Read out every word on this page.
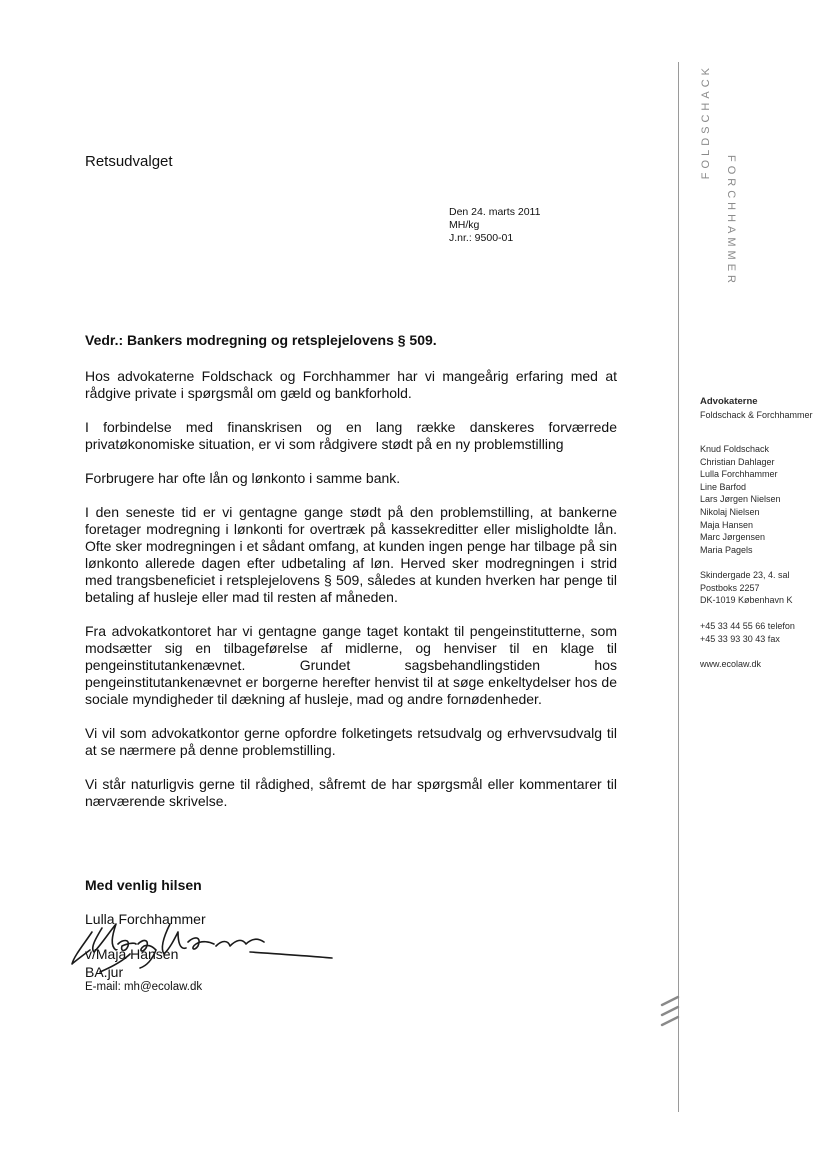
Retsudvalget
Den 24. marts 2011
MH/kg
J.nr.: 9500-01

Vedr.: Bankers modregning og retsplejelovens § 509.

Hos advokaterne Foldschack og Forchhammer har vi mangeårig erfaring med at rådgive private i spørgsmål om gæld og bankforhold.

I forbindelse med finanskrisen og en lang række danskeres forværrede privatøkonomiske situation, er vi som rådgivere stødt på en ny problemstilling

Forbrugere har ofte lån og lønkonto i samme bank.

I den seneste tid er vi gentagne gange stødt på den problemstilling, at bankerne foretager modregning i lønkonti for overtræk på kassekreditter eller misligholdte lån. Ofte sker modregningen i et sådant omfang, at kunden ingen penge har tilbage på sin lønkonto allerede dagen efter udbetaling af løn. Herved sker modregningen i strid med trangsbeneficiet i retsplejelovens § 509, således at kunden hverken har penge til betaling af husleje eller mad til resten af måneden.

Fra advokatkontoret har vi gentagne gange taget kontakt til pengeinstitutterne, som modsætter sig en tilbageførelse af midlerne, og henviser til en klage til pengeinstitutankenævnet. Grundet sagsbehandlingstiden hos pengeinstitutankenævnet er borgerne herefter henvist til at søge enkeltydelser hos de sociale myndigheder til dækning af husleje, mad og andre fornødenheder.

Vi vil som advokatkontor gerne opfordre folketingets retsudvalg og erhvervsudvalg til at se nærmere på denne problemstilling.

Vi står naturligvis gerne til rådighed, såfremt de har spørgsmål eller kommentarer til nærværende skrivelse.

Med venlig hilsen
Lulla Forchhammer
v/Maja Hansen
BA.jur
E-mail: mh@ecolaw.dk
FOLDSCHACK
FORCHHAMMER
Advokaterne
Foldschack & Forchhammer
Knud Foldschack
Christian Dahlager
Lulla Forchhammer
Line Barfod
Lars Jørgen Nielsen
Nikolaj Nielsen
Maja Hansen
Marc Jørgensen
Maria Pagels
Skindergade 23, 4. sal
Postboks 2257
DK-1019 København K
+45 33 44 55 66 telefon
+45 33 93 30 43 fax
www.ecolaw.dk
